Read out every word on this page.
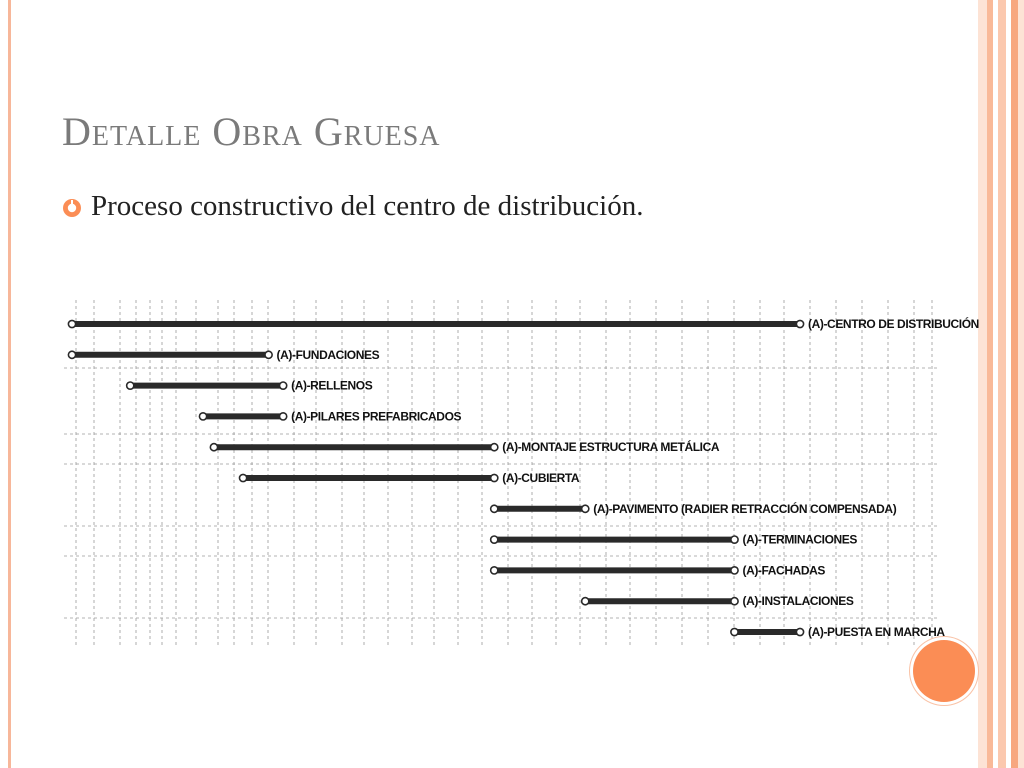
Detalle Obra Gruesa
Proceso constructivo del centro de distribución.
(A)-CENTRO DE DISTRIBUCIÓN
(A)-FUNDACIONES
(A)-RELLENOS
(A)-PILARES PREFABRICADOS
(A)-MONTAJE ESTRUCTURA METÁLICA
(A)-CUBIERTA
(A)-PAVIMENTO (RADIER RETRACCIÓN COMPENSADA)
(A)-TERMINACIONES
(A)-FACHADAS
(A)-INSTALACIONES
(A)-PUESTA EN MARCHA
